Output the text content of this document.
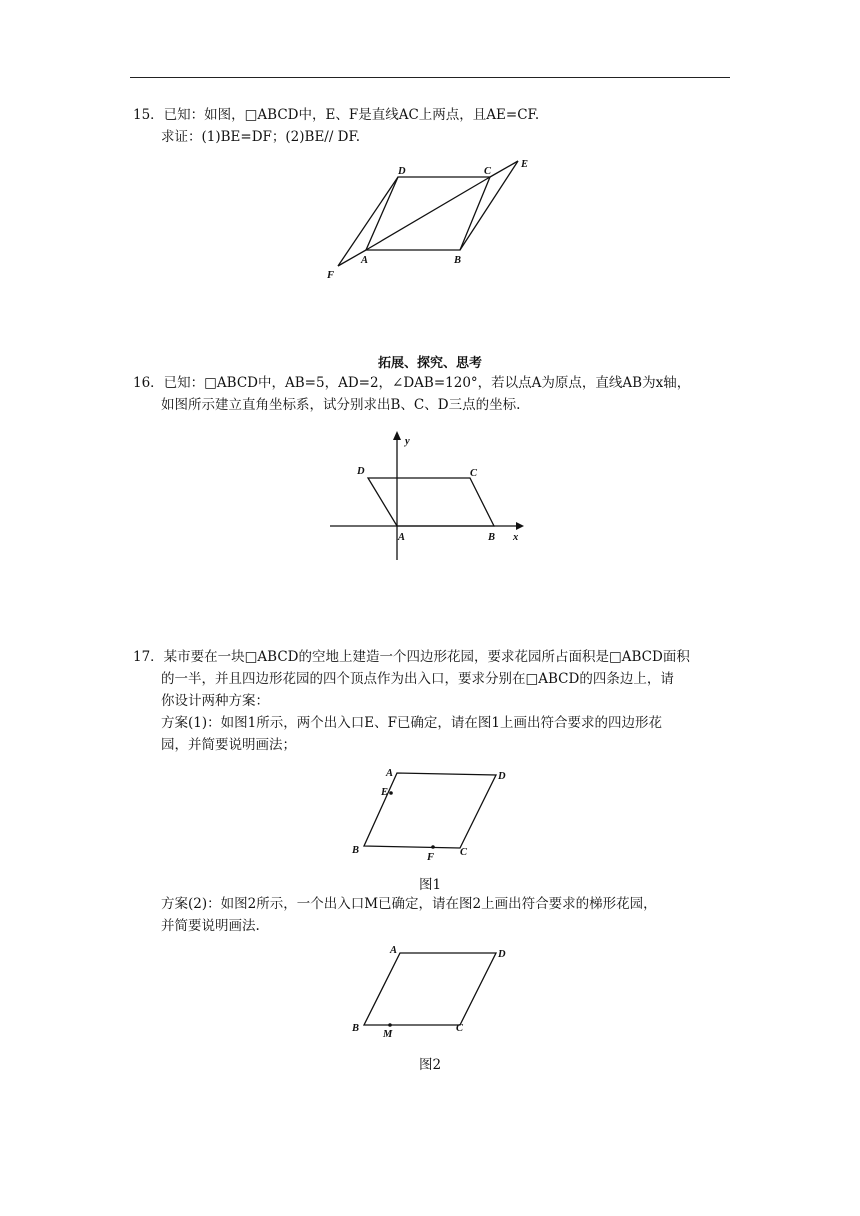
15．已知：如图，□ABCD中，E、F是直线AC上两点，且AE=CF.
求证：(1)BE=DF；(2)BE// DF.
D	C
E
A	B
F
拓展、探究、思考
16．已知：□ABCD中，AB=5，AD=2，∠DAB=120°，若以点A为原点，直线AB为x轴，
如图所示建立直角坐标系，试分别求出B、C、D三点的坐标.
y
D	C
A	B x
17．某市要在一块□ABCD的空地上建造一个四边形花园，要求花园所占面积是□ABCD面积
的一半，并且四边形花园的四个顶点作为出入口，要求分别在□ABCD的四条边上，请
你设计两种方案：
方案(1)：如图1所示，两个出入口E、F已确定，请在图1上画出符合要求的四边形花
园，并简要说明画法；
A	D
E
B
F C
图1
方案(2)：如图2所示，一个出入口M已确定，请在图2上画出符合要求的梯形花园，
并简要说明画法.
A	D
B
M
C
图2
